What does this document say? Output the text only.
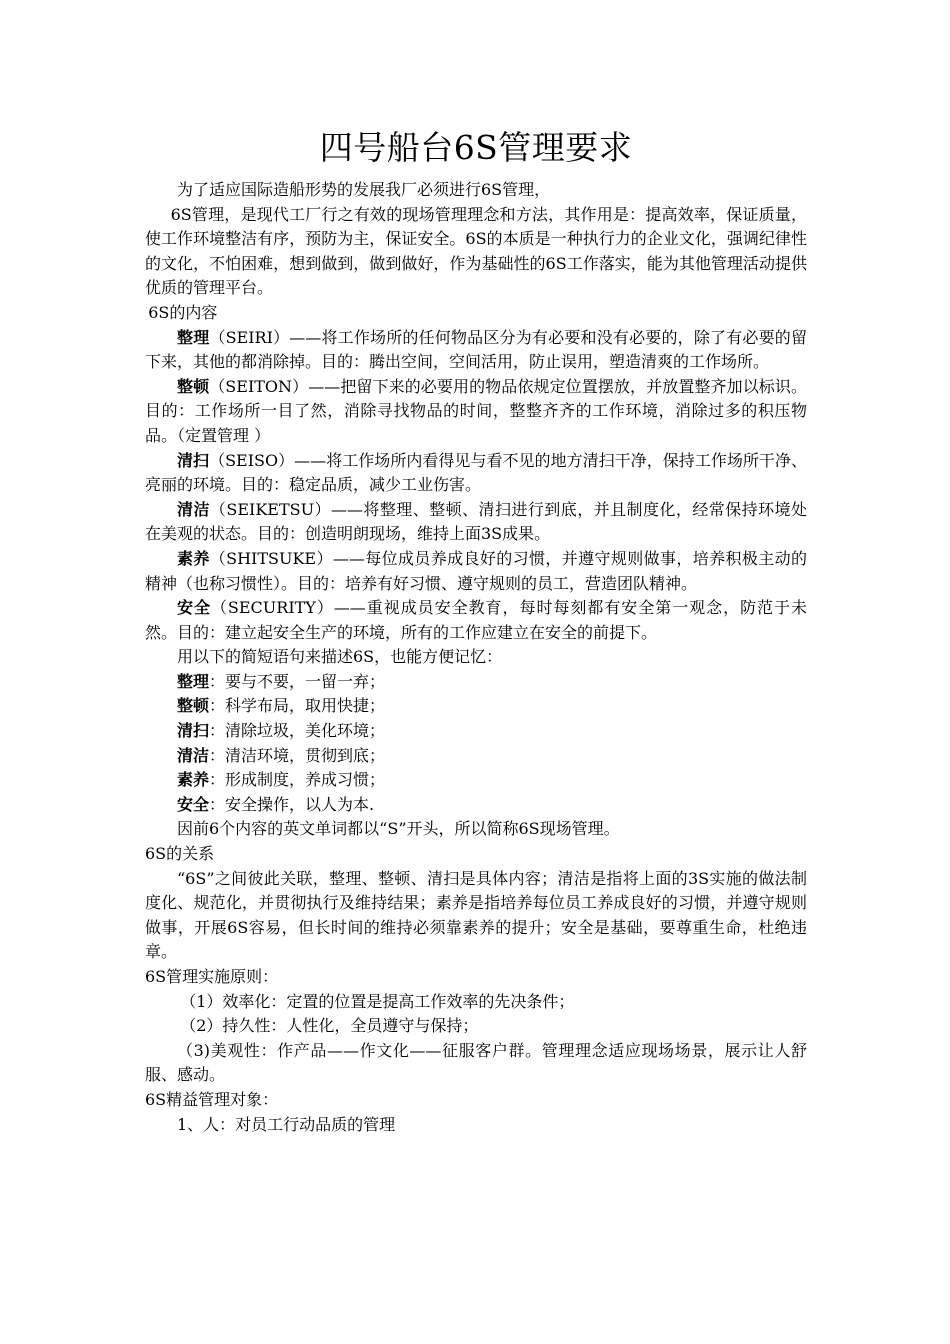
四号船台6S管理要求

为了适应国际造船形势的发展我厂必须进行6S管理，

6S管理，是现代工厂行之有效的现场管理理念和方法，其作用是：提高效率，保证质量，使工作环境整洁有序，预防为主，保证安全。6S的本质是一种执行力的企业文化，强调纪律性的文化，不怕困难，想到做到，做到做好，作为基础性的6S工作落实，能为其他管理活动提供优质的管理平台。

6S的内容

整理（SEIRI）——将工作场所的任何物品区分为有必要和没有必要的，除了有必要的留下来，其他的都消除掉。目的：腾出空间，空间活用，防止误用，塑造清爽的工作场所。

整顿（SEITON）——把留下来的必要用的物品依规定位置摆放，并放置整齐加以标识。目的：工作场所一目了然，消除寻找物品的时间，整整齐齐的工作环境，消除过多的积压物品。（定置管理 ）

清扫（SEISO）——将工作场所内看得见与看不见的地方清扫干净，保持工作场所干净、亮丽的环境。目的：稳定品质，减少工业伤害。

清洁（SEIKETSU）——将整理、整顿、清扫进行到底，并且制度化，经常保持环境处在美观的状态。目的：创造明朗现场，维持上面3S成果。

素养（SHITSUKE）——每位成员养成良好的习惯，并遵守规则做事，培养积极主动的精神（也称习惯性）。目的：培养有好习惯、遵守规则的员工，营造团队精神。

安全（SECURITY）——重视成员安全教育，每时每刻都有安全第一观念，防范于未然。目的：建立起安全生产的环境，所有的工作应建立在安全的前提下。

用以下的简短语句来描述6S，也能方便记忆：

整理：要与不要，一留一弃；

整顿：科学布局，取用快捷；

清扫：清除垃圾，美化环境；

清洁：清洁环境，贯彻到底；

素养：形成制度，养成习惯；

安全：安全操作，以人为本.

因前6个内容的英文单词都以“S”开头，所以简称6S现场管理。

6S的关系

“6S”之间彼此关联，整理、整顿、清扫是具体内容；清洁是指将上面的3S实施的做法制度化、规范化，并贯彻执行及维持结果；素养是指培养每位员工养成良好的习惯，并遵守规则做事，开展6S容易，但长时间的维持必须靠素养的提升；安全是基础，要尊重生命，杜绝违章。

6S管理实施原则：

（1）效率化：定置的位置是提高工作效率的先决条件；

（2）持久性：人性化，全员遵守与保持；

（3)美观性：作产品——作文化——征服客户群。管理理念适应现场场景，展示让人舒服、感动。

6S精益管理对象：

1、人：对员工行动品质的管理
